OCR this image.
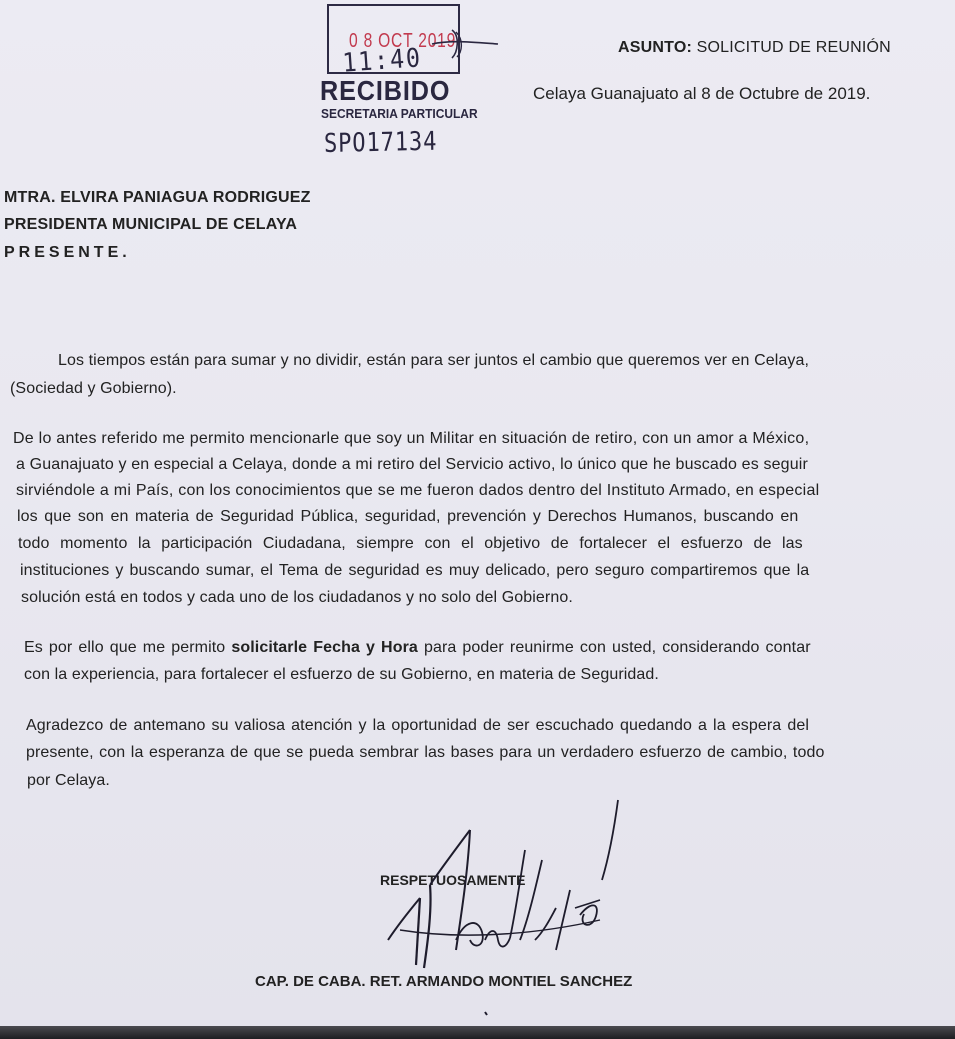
0 8 OCT 2019
11:40
RECIBIDO
SECRETARIA PARTICULAR
SPO17134
ASUNTO: SOLICITUD DE REUNIÓN
Celaya Guanajuato al 8 de Octubre de 2019.
MTRA. ELVIRA PANIAGUA RODRIGUEZ
PRESIDENTA MUNICIPAL DE CELAYA
PRESENTE.
Los tiempos están para sumar y no dividir, están para ser juntos el cambio que queremos ver en Celaya,
(Sociedad y Gobierno).
De lo antes referido me permito mencionarle que soy un Militar en situación de retiro, con un amor a México,
a Guanajuato y en especial a Celaya, donde a mi retiro del Servicio activo, lo único que he buscado es seguir
sirviéndole a mi País, con los conocimientos que se me fueron dados dentro del Instituto Armado, en especial
los que son en materia de Seguridad Pública, seguridad, prevención y Derechos Humanos, buscando en
todo momento la participación Ciudadana, siempre con el objetivo de fortalecer el esfuerzo de las
instituciones y buscando sumar, el Tema de seguridad es muy delicado, pero seguro compartiremos que la
solución está en todos y cada uno de los ciudadanos y no solo del Gobierno.
Es por ello que me permito solicitarle Fecha y Hora para poder reunirme con usted, considerando contar
con la experiencia, para fortalecer el esfuerzo de su Gobierno, en materia de Seguridad.
Agradezco de antemano su valiosa atención y la oportunidad de ser escuchado quedando a la espera del
presente, con la esperanza de que se pueda sembrar las bases para un verdadero esfuerzo de cambio, todo
por Celaya.
RESPETUOSAMENTE
CAP. DE CABA. RET. ARMANDO MONTIEL SANCHEZ
